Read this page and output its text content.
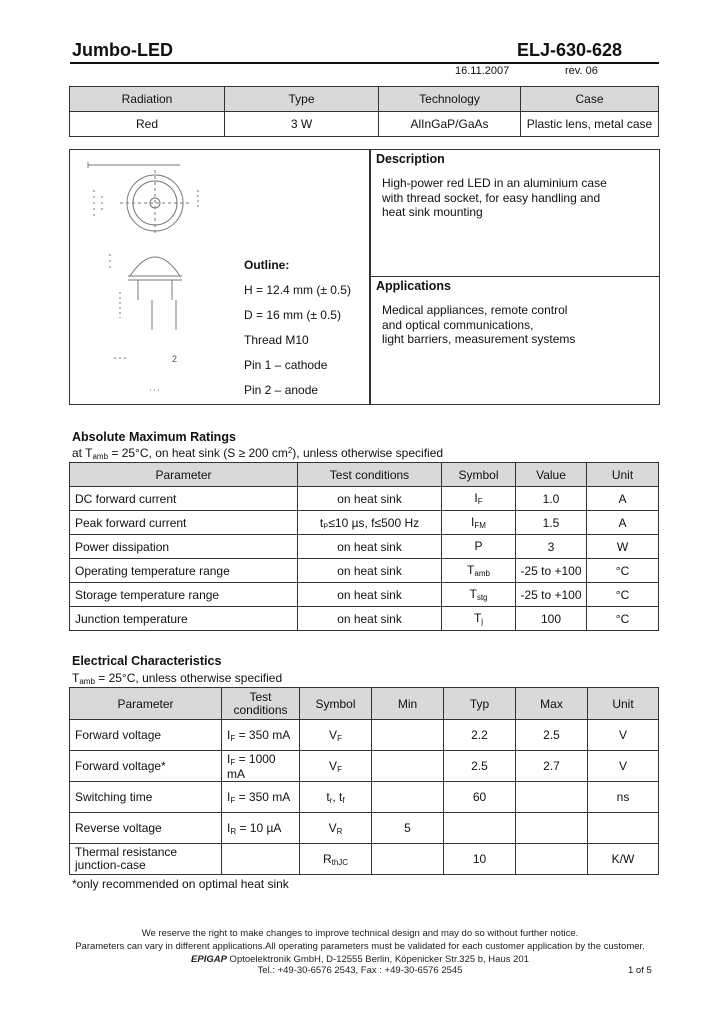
Jumbo-LED	ELJ-630-628
16.11.2007	rev. 06
Radiation	Type	Technology	Case
Red	3 W	AlInGaP/GaAs	Plastic lens, metal case
2
Outline:
H = 12.4 mm (± 0.5)
D = 16 mm (± 0.5)
Thread M10
Pin 1 – cathode
Pin 2 – anode
Description
High-power red LED in an aluminium case
with thread socket, for easy handling and
heat sink mounting
Applications
Medical appliances, remote control
and optical communications,
light barriers, measurement systems
Absolute Maximum Ratings
at $T_{amb} = 25^\circ C$, on heat sink (S ≥ 200 $cm^2$), unless otherwise specified
Parameter	Test conditions	Symbol	Value	Unit
DC forward current	on heat sink	$I_F$	1.0	A
Peak forward current	tₚ≤10 µs, f≤500 Hz	$I_{FM}$	1.5	A
Power dissipation	on heat sink	P	3	W
Operating temperature range	on heat sink	$T_{amb}$	-25 to +100	°C
Storage temperature range	on heat sink	$T_{stg}$	-25 to +100	°C
Junction temperature	on heat sink	$T_j$	100	°C
Electrical Characteristics
$T_{amb} = 25^\circ C$, unless otherwise specified
Parameter	Test conditions	Symbol	Min	Typ	Max	Unit
Forward voltage	$I_F = 350$ mA	$V_F$		2.2	2.5	V
Forward voltage*	$I_F = 1000$ mA	$V_F$		2.5	2.7	V
Switching time	$I_F = 350$ mA	$t_r$, $t_f$		60		ns
Reverse voltage	$I_R = 10$ µA	$V_R$	5			
Thermal resistance junction-case		$R_{thJC}$		10		K/W
*only recommended on optimal heat sink
We reserve the right to make changes to improve technical design and may do so without further notice.
Parameters can vary in different applications.All operating parameters must be validated for each customer application by the customer.
EPIGAP Optoelektronik GmbH, D-12555 Berlin, Köpenicker Str.325 b, Haus 201
Tel.: +49-30-6576 2543, Fax : +49-30-6576 2545	1 of 5
